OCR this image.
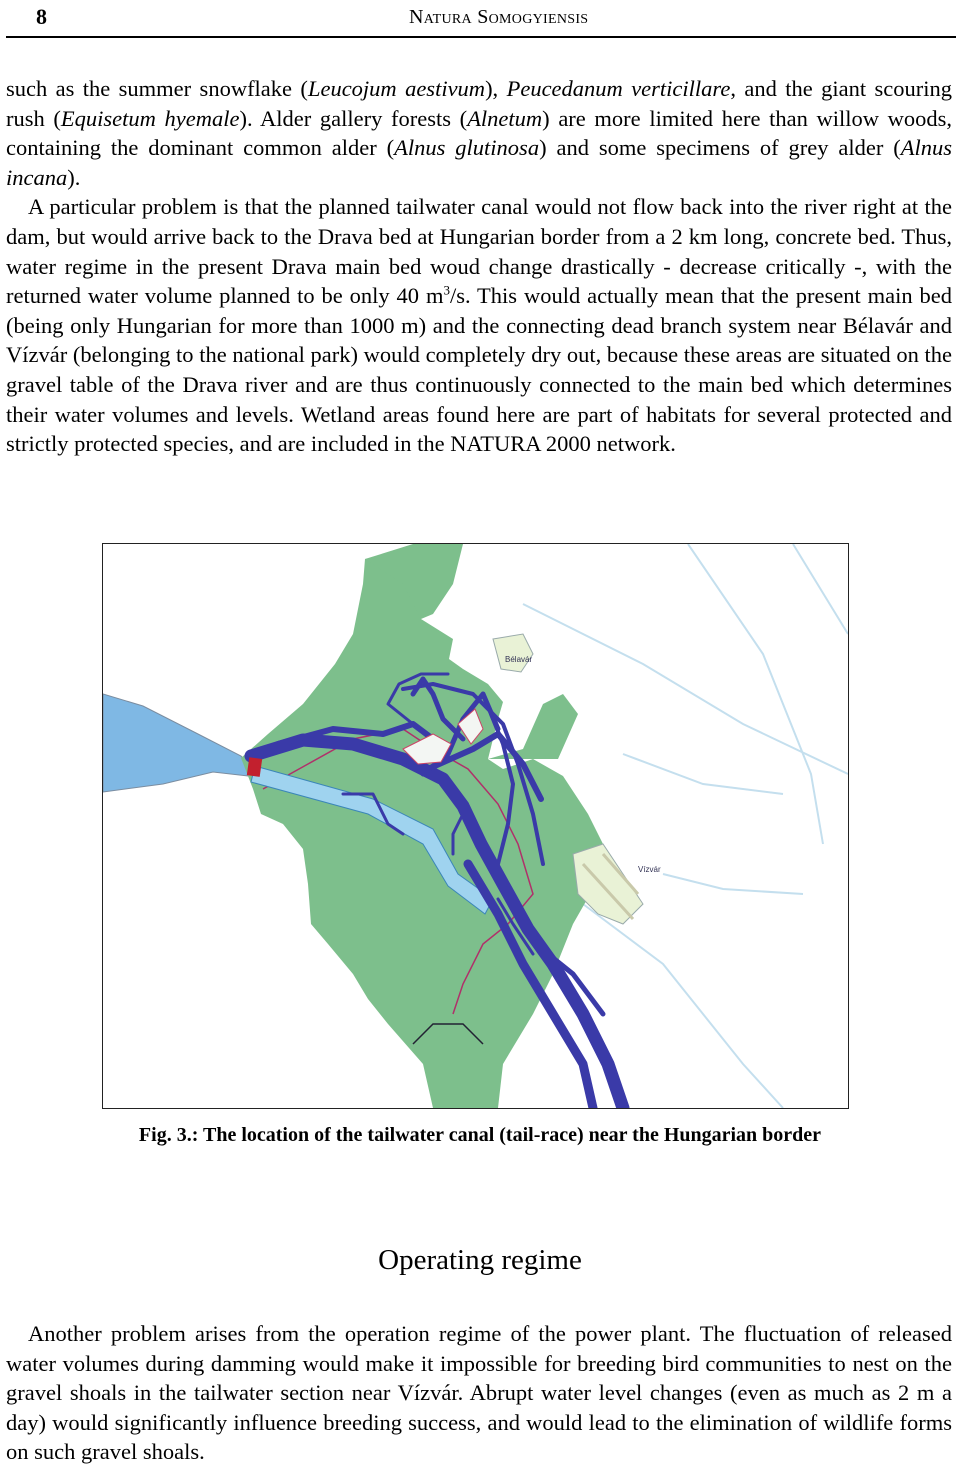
8	Natura Somogyiensis
such as the summer snowflake (Leucojum aestivum), Peucedanum verticillare, and the giant scouring rush (Equisetum hyemale). Alder gallery forests (Alnetum) are more limited here than willow woods, containing the dominant common alder (Alnus glutinosa) and some specimens of grey alder (Alnus incana).
A particular problem is that the planned tailwater canal would not flow back into the river right at the dam, but would arrive back to the Drava bed at Hungarian border from a 2 km long, concrete bed. Thus, water regime in the present Drava main bed woud change drastically - decrease critically -, with the returned water volume planned to be only 40 $m^3/s$. This would actually mean that the present main bed (being only Hungarian for more than 1000 m) and the connecting dead branch system near Bélavár and Vízvár (belonging to the national park) would completely dry out, because these areas are situated on the gravel table of the Drava river and are thus continuously connected to the main bed which determines their water volumes and levels. Wetland areas found here are part of habitats for several protected and strictly protected species, and are included in the NATURA 2000 network.
Bélavár
Vízvár
Fig. 3.: The location of the tailwater canal (tail-race) near the Hungarian border
Operating regime
Another problem arises from the operation regime of the power plant. The fluctuation of released water volumes during damming would make it impossible for breeding bird communities to nest on the gravel shoals in the tailwater section near Vízvár. Abrupt water level changes (even as much as 2 m a day) would significantly influence breeding success, and would lead to the elimination of wildlife forms on such gravel shoals.
